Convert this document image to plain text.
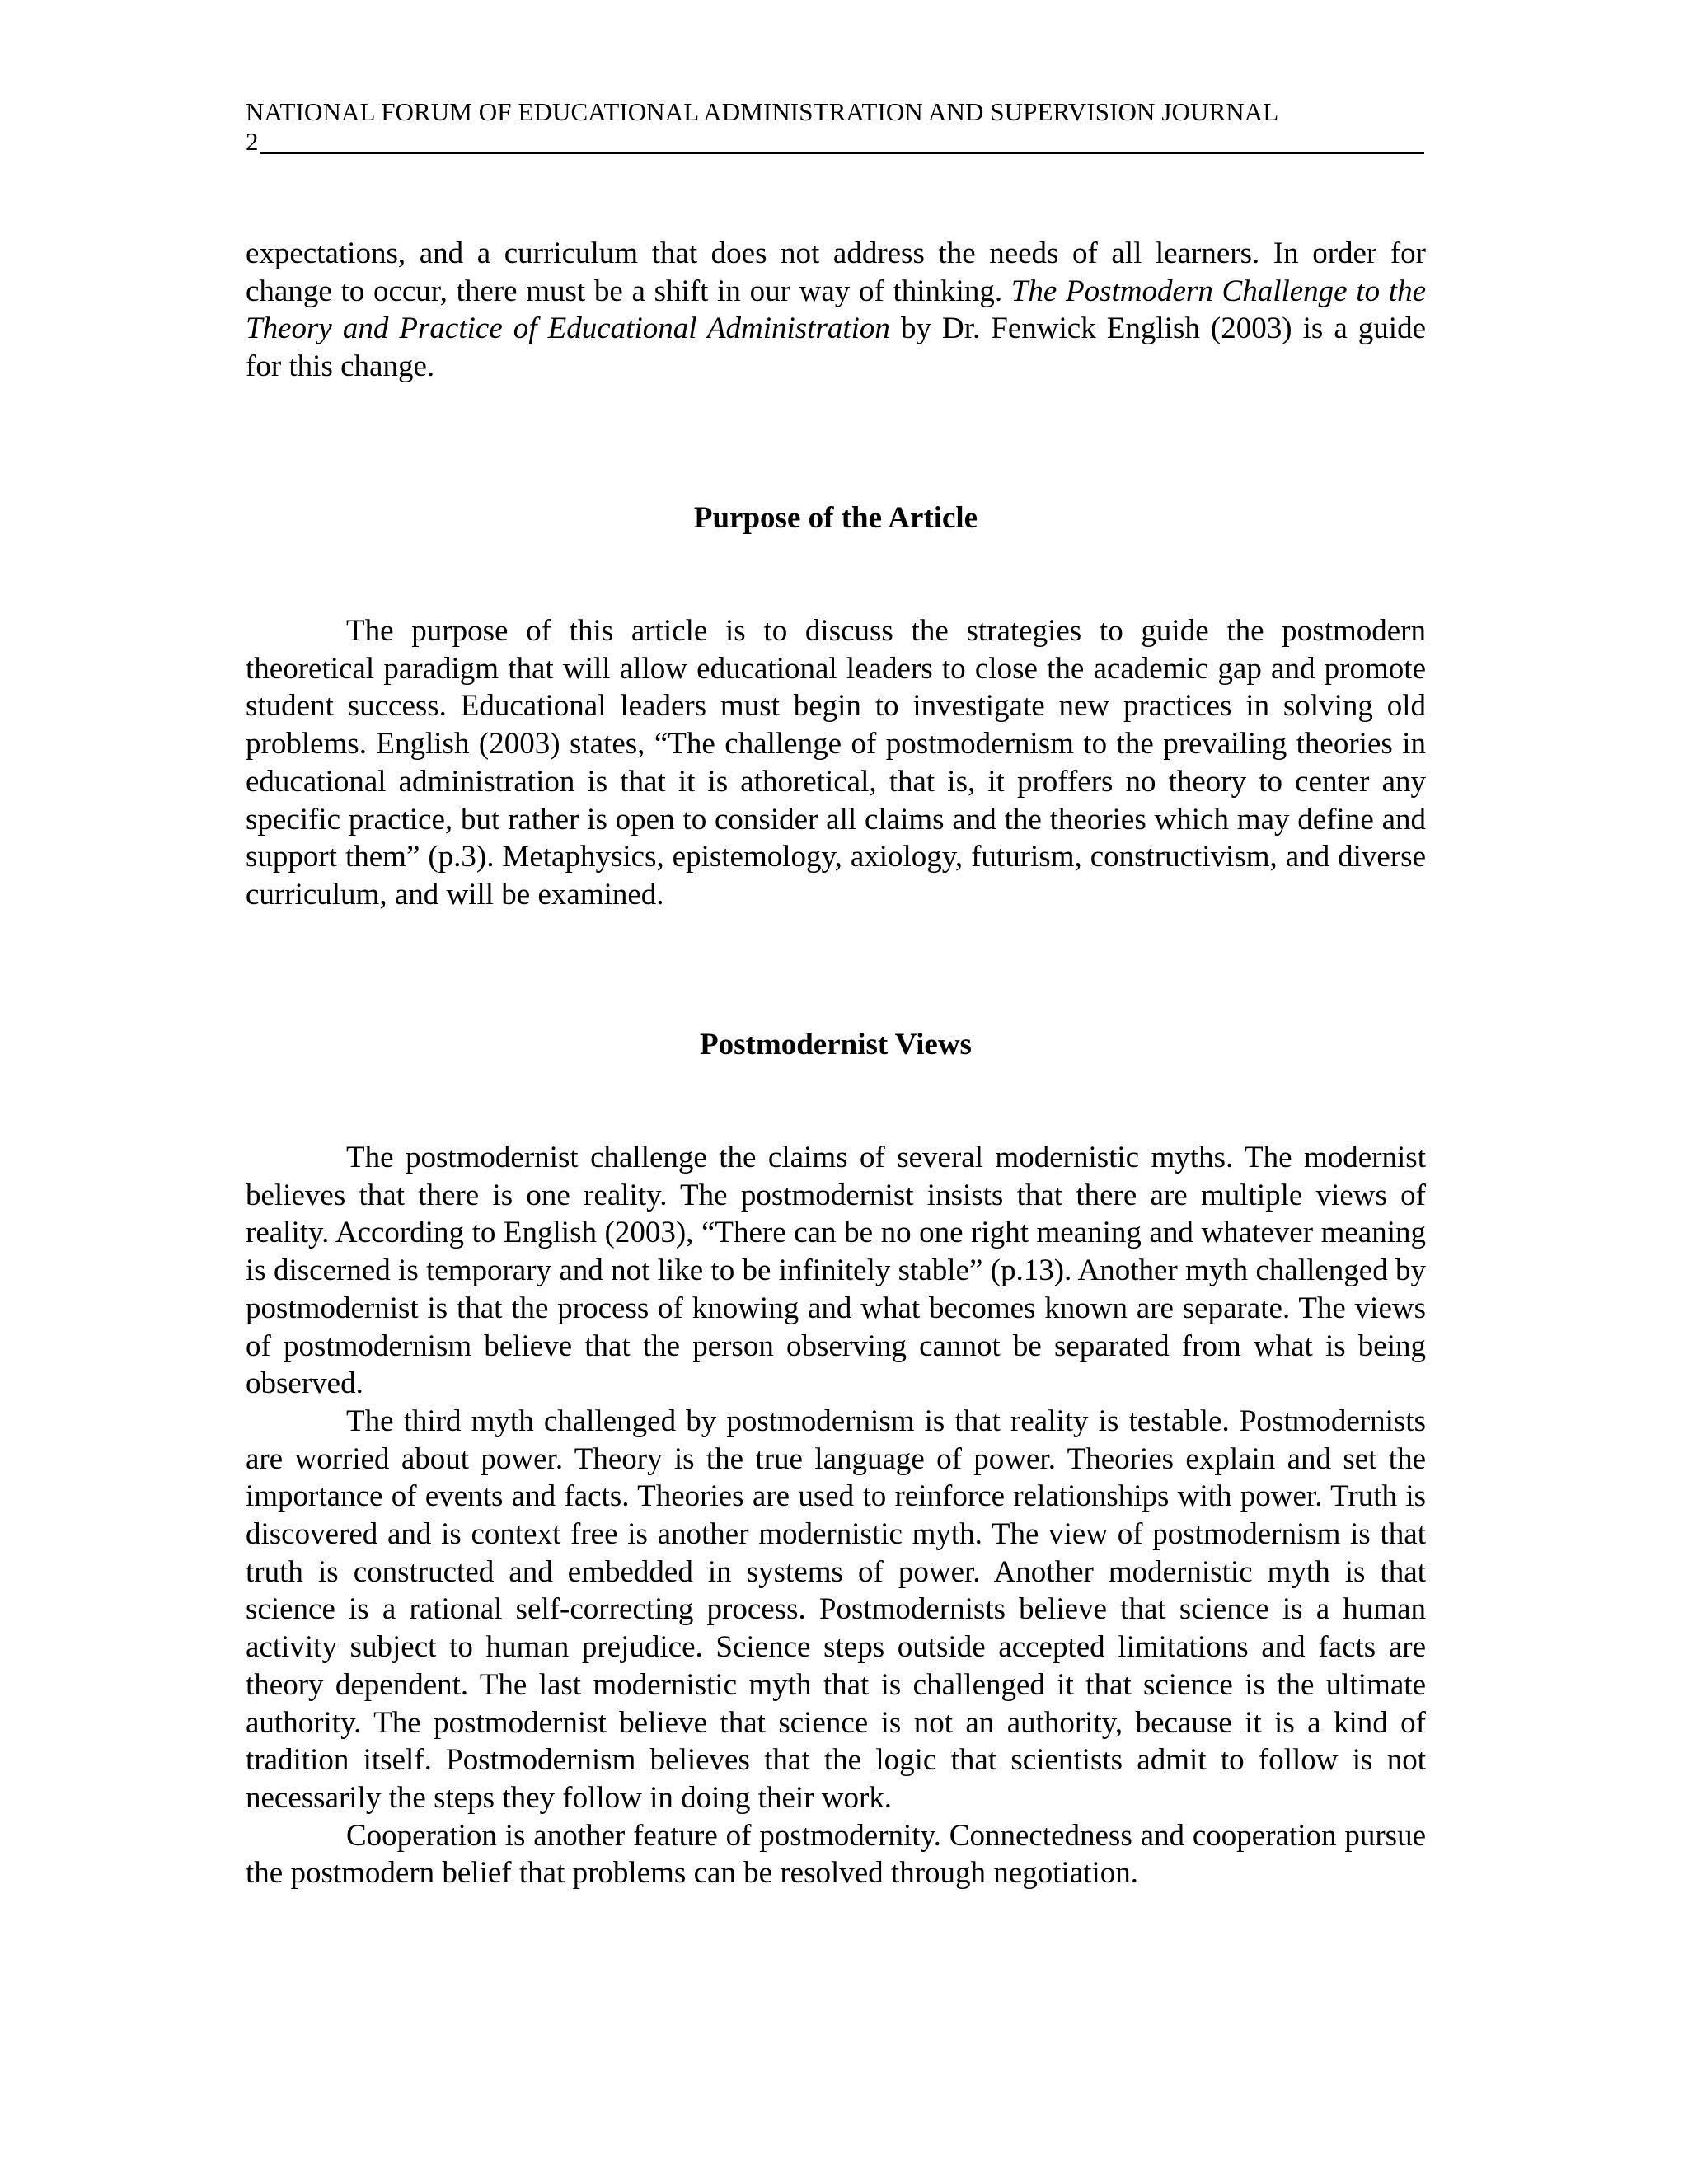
NATIONAL FORUM OF EDUCATIONAL ADMINISTRATION AND SUPERVISION JOURNAL
2

expectations, and a curriculum that does not address the needs of all learners. In order for change to occur, there must be a shift in our way of thinking. The Postmodern Challenge to the Theory and Practice of Educational Administration by Dr. Fenwick English (2003) is a guide for this change.

Purpose of the Article

The purpose of this article is to discuss the strategies to guide the postmodern theoretical paradigm that will allow educational leaders to close the academic gap and promote student success. Educational leaders must begin to investigate new practices in solving old problems. English (2003) states, “The challenge of postmodernism to the prevailing theories in educational administration is that it is athoretical, that is, it proffers no theory to center any specific practice, but rather is open to consider all claims and the theories which may define and support them” (p.3). Metaphysics, epistemology, axiology, futurism, constructivism, and diverse curriculum, and will be examined.

Postmodernist Views

The postmodernist challenge the claims of several modernistic myths. The modernist believes that there is one reality. The postmodernist insists that there are multiple views of reality. According to English (2003), “There can be no one right meaning and whatever meaning is discerned is temporary and not like to be infinitely stable” (p.13). Another myth challenged by postmodernist is that the process of knowing and what becomes known are separate. The views of postmodernism believe that the person observing cannot be separated from what is being observed.

The third myth challenged by postmodernism is that reality is testable. Postmodernists are worried about power. Theory is the true language of power. Theories explain and set the importance of events and facts. Theories are used to reinforce relationships with power. Truth is discovered and is context free is another modernistic myth. The view of postmodernism is that truth is constructed and embedded in systems of power. Another modernistic myth is that science is a rational self-correcting process. Postmodernists believe that science is a human activity subject to human prejudice. Science steps outside accepted limitations and facts are theory dependent. The last modernistic myth that is challenged it that science is the ultimate authority. The postmodernist believe that science is not an authority, because it is a kind of tradition itself. Postmodernism believes that the logic that scientists admit to follow is not necessarily the steps they follow in doing their work.

Cooperation is another feature of postmodernity. Connectedness and cooperation pursue the postmodern belief that problems can be resolved through negotiation.
